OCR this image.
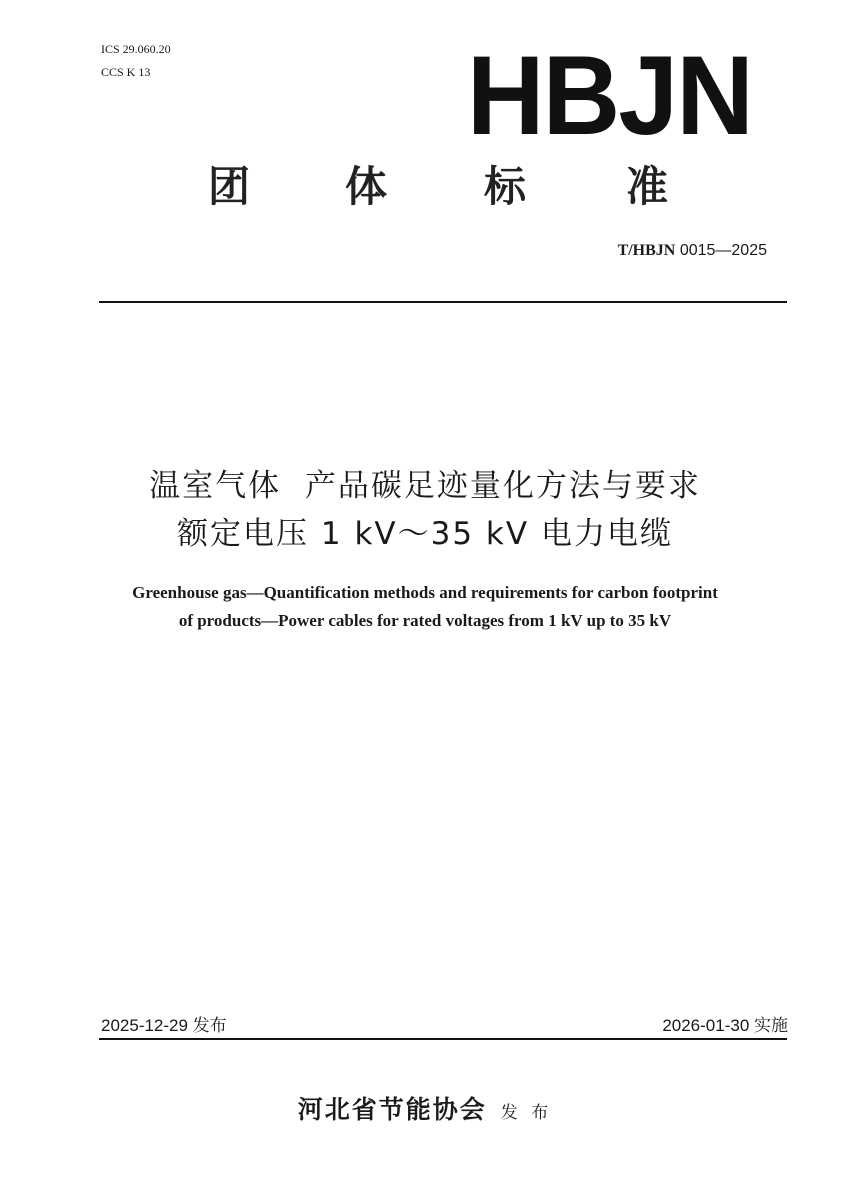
ICS 29.060.20
CCS K 13	HBJN
团 体 标 准
T/HBJN 0015—2025
温室气体  产品碳足迹量化方法与要求
额定电压 1 kV～35 kV 电力电缆
Greenhouse gas—Quantification methods and requirements for carbon footprint
of products—Power cables for rated voltages from 1 kV up to 35 kV
2025-12-29 发布	2026-01-30 实施
河北省节能协会 发 布
